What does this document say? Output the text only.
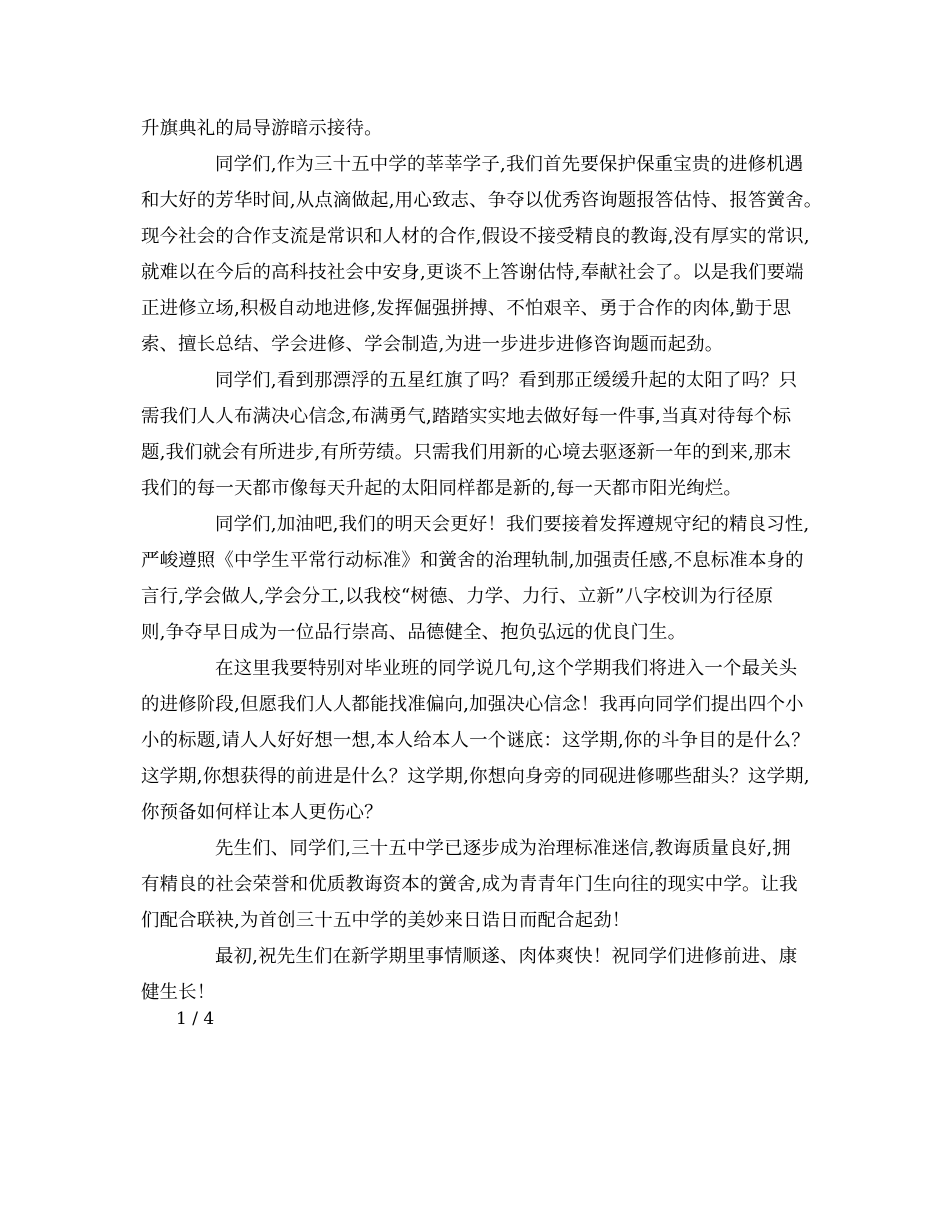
升旗典礼的局导游暗示接待。
同学们,作为三十五中学的莘莘学子,我们首先要保护保重宝贵的进修机遇
和大好的芳华时间,从点滴做起,用心致志、争夺以优秀咨询题报答估恃、报答黉舍。
现今社会的合作支流是常识和人材的合作,假设不接受精良的教诲,没有厚实的常识,
就难以在今后的高科技社会中安身,更谈不上答谢估恃,奉献社会了。以是我们要端
正进修立场,积极自动地进修,发挥倔强拼搏、不怕艰辛、勇于合作的肉体,勤于思
索、擅长总结、学会进修、学会制造,为进一步进步进修咨询题而起劲。
同学们,看到那漂浮的五星红旗了吗？看到那正缓缓升起的太阳了吗？只
需我们人人布满决心信念,布满勇气,踏踏实实地去做好每一件事,当真对待每个标
题,我们就会有所进步,有所劳绩。只需我们用新的心境去驱逐新一年的到来,那末
我们的每一天都市像每天升起的太阳同样都是新的,每一天都市阳光绚烂。
同学们,加油吧,我们的明天会更好！我们要接着发挥遵规守纪的精良习性,
严峻遵照《中学生平常行动标准》和黉舍的治理轨制,加强责任感,不息标准本身的
言行,学会做人,学会分工,以我校“树德、力学、力行、立新”八字校训为行径原
则,争夺早日成为一位品行崇高、品德健全、抱负弘远的优良门生。
在这里我要特别对毕业班的同学说几句,这个学期我们将进入一个最关头
的进修阶段,但愿我们人人都能找准偏向,加强决心信念！我再向同学们提出四个小
小的标题,请人人好好想一想,本人给本人一个谜底：这学期,你的斗争目的是什么？
这学期,你想获得的前进是什么？这学期,你想向身旁的同砚进修哪些甜头？这学期,
你预备如何样让本人更伤心？
先生们、同学们,三十五中学已逐步成为治理标准迷信,教诲质量良好,拥
有精良的社会荣誉和优质教诲资本的黉舍,成为青青年门生向往的现实中学。让我
们配合联袂,为首创三十五中学的美妙来日诰日而配合起劲！
最初,祝先生们在新学期里事情顺遂、肉体爽快！祝同学们进修前进、康
健生长！
1 / 4
